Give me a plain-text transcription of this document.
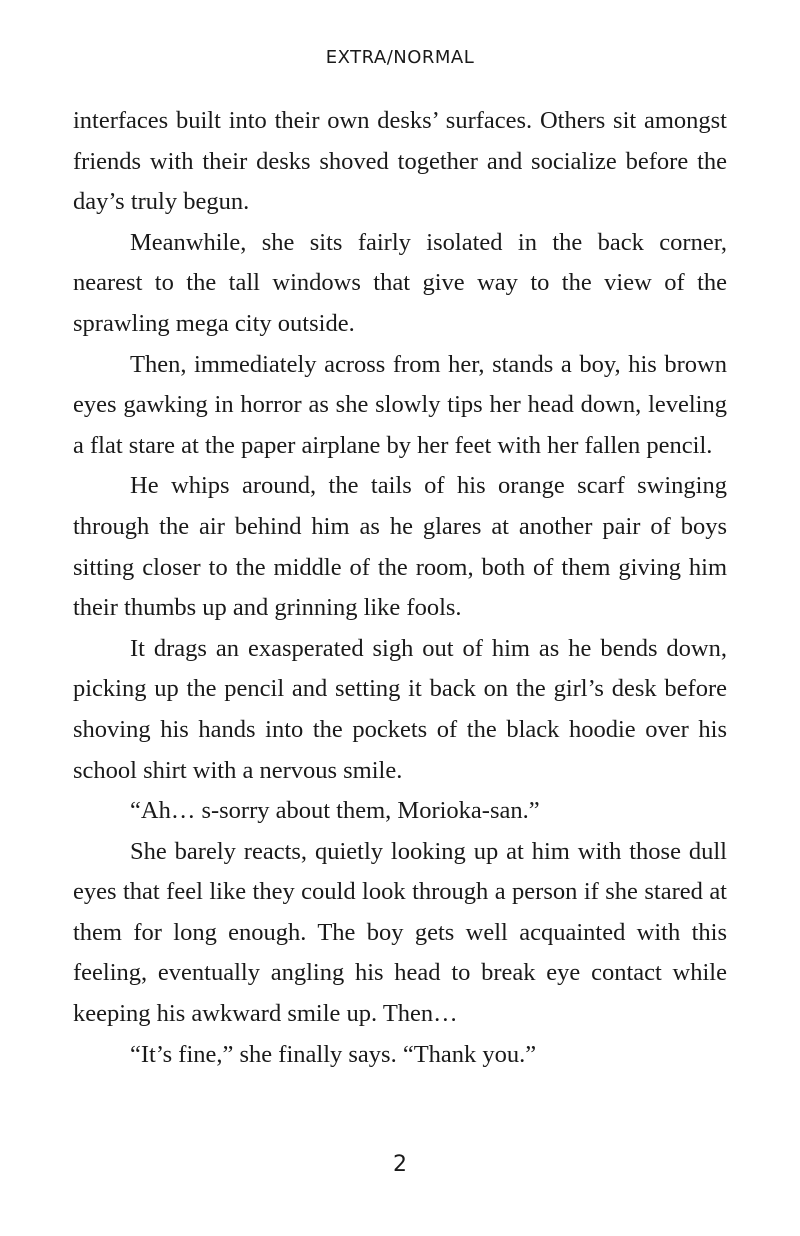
EXTRA/NORMAL

interfaces built into their own desks’ surfaces. Others sit amongst friends with their desks shoved together and socialize before the day’s truly begun.

Meanwhile, she sits fairly isolated in the back corner, nearest to the tall windows that give way to the view of the sprawling mega city outside.

Then, immediately across from her, stands a boy, his brown eyes gawking in horror as she slowly tips her head down, leveling a flat stare at the paper airplane by her feet with her fallen pencil.

He whips around, the tails of his orange scarf swinging through the air behind him as he glares at another pair of boys sitting closer to the middle of the room, both of them giving him their thumbs up and grinning like fools.

It drags an exasperated sigh out of him as he bends down, picking up the pencil and setting it back on the girl’s desk before shoving his hands into the pockets of the black hoodie over his school shirt with a nervous smile.

“Ah… s-sorry about them, Morioka-san.”

She barely reacts, quietly looking up at him with those dull eyes that feel like they could look through a person if she stared at them for long enough. The boy gets well acquainted with this feeling, eventually angling his head to break eye contact while keeping his awkward smile up. Then…

“It’s fine,” she finally says. “Thank you.”

2
